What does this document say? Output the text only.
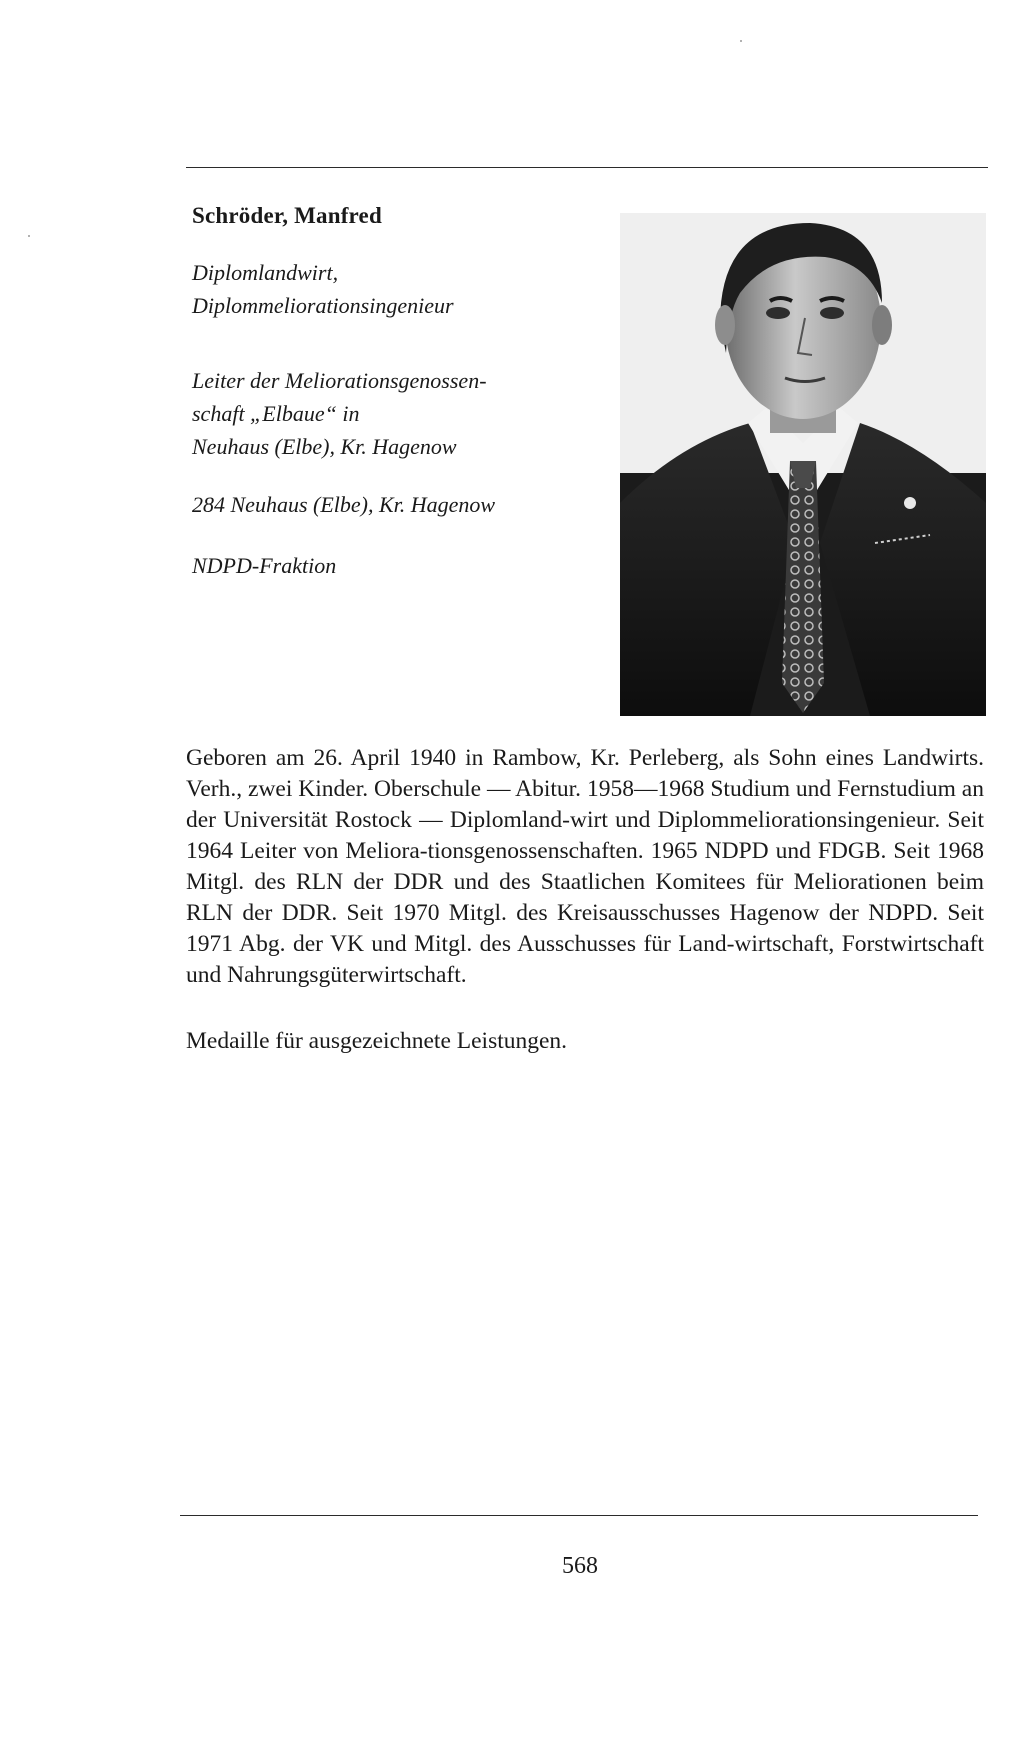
Schröder, Manfred
Diplomlandwirt,
Diplommeliorationsingenieur
Leiter der Meliorationsgenossen-
schaft „Elbaue“ in
Neuhaus (Elbe), Kr. Hagenow
284 Neuhaus (Elbe), Kr. Hagenow
NDPD-Fraktion

Geboren am 26. April 1940 in Rambow, Kr. Perleberg, als Sohn eines Landwirts. Verh., zwei Kinder. Oberschule — Abitur. 1958—1968 Studium und Fernstudium an der Universität Rostock — Diplomland-wirt und Diplommeliorationsingenieur. Seit 1964 Leiter von Meliora-tionsgenossenschaften. 1965 NDPD und FDGB. Seit 1968 Mitgl. des RLN der DDR und des Staatlichen Komitees für Meliorationen beim RLN der DDR. Seit 1970 Mitgl. des Kreisausschusses Hagenow der NDPD. Seit 1971 Abg. der VK und Mitgl. des Ausschusses für Land-wirtschaft, Forstwirtschaft und Nahrungsgüterwirtschaft.

Medaille für ausgezeichnete Leistungen.
568
